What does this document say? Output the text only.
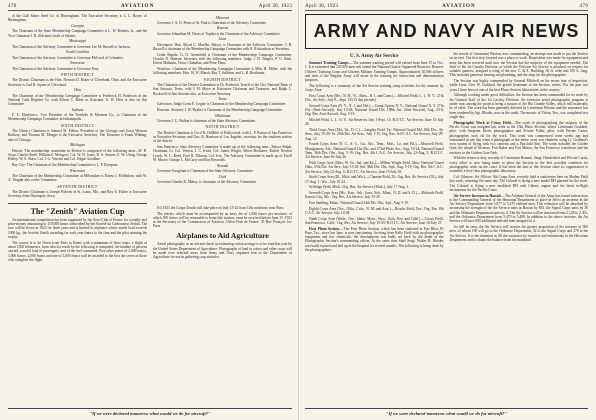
478	AVIATION	April 30, 1923

of the Gulf States Steel Co. of Birmingham. The Executive Secretary is L. L. Boyer, of Birmingham.

Georgia

The Chairman of the State Membership Campaign Committee is L. W. Roberts, Jr., and the Vice Chairman J. B. Aldchairs, both of Atlanta.

Mississippi

The Chairman of the Advisory Committee is Governor Lee M. Russell of Jackson.

South Carolina

The Chairman of the Advisory Committee is Governor McLeod of Columbia.

Tennessee

The Chairman of the Advisory Committee is Governor Peay.

FIFTH DISTRICT

The District Chairman is the Hon. Newton D. Baker of Cleveland, Ohio, and the Executive Secretary is Carl R. Squier of Cleveland.

Ohio

The Chairman of the Membership Campaign Committee is Frederick H. Patterson of the National Cash Register Co. with Edwin C. Ritter as Assistant. A. W. Hess is also on this Committee.

Indiana

F. E. Moskovics, Vice President of the Nordyke & Marmon Co., is Chairman of the Membership Campaign Committee in Indianapolis.

SIXTH DISTRICT

The District Chairman is Samuel M. Felton, President of the Chicago and Great Western Railway, and Thomas M. Monger is the Executive Secretary. The Treasurer is Frank Whiting, also of Chicago.

Michigan

Detroit: The membership committee in Detroit is composed of the following men—W. B. Stout, Charles Beall, William F. Metzgers, Col. W. H. Jones, D. S. Stearns, E. W. Uhrig, George Holley, W. S. Shaw, Col. J. G. Vincent and Col. Edgar Goodhue.

Bay City: The Chairman of the Membership Committee is L. P. Koerpner.

Wisconsin

The Chairman of the Membership Committee at Milwaukee is Ernest J. McMahon, with W. A. Vaughn also on the Committee.

SEVENTH DISTRICT

The District Chairman is Joseph Pickens of St. Louis, Mo., and Roy E. Fisher is Executive Secretary from Davenport, Iowa.

Missouri

Governor J. A. O. Preus of St. Paul is Chairman of the Advisory Committee.

Kansas

Governor Johnathan M. Davis of Topeka is the Chairman of the Advisory Committee.

Iowa

Davenport: Hon. Alfred C. Mueller, Mayor, is Chairman of the Advisory Committee. J. R. Russell is chairman of the Membership Campaign Committee with R. Richardson as Secretary.

Cedar Rapids: G. O. Greenfield is Chairman of the Membership Campaign Committee, Charles D. Hanson, Secretary with the following members: Judge J. H. Tengler, P. G. Bark, Ernest Mathuda, Victor Chimaker, and Peter Plans.

Waterloo: Chairman of the Membership Campaign Committee is Milo H. Miller, with the following members: Hon. W. W. Marsh, Ray T. Sullivan, and L. R. Brothman.

EIGHTH DISTRICT

The Chairman of the District Committee is Dr. Frederick Terrell of the City National Bank of San Antonio, Texas, with J. H. Moye as Executive Chairman and Treasurer, and Ralph L. Rockwell of San Antonio also, as Executive Secretary.

Texas

Galveston: Judge Cyrus E. Legate is Chairman of the Membership Campaign Committee.

Houston: Attorney J. W. Rayber is Chairman of the Membership Campaign Committee.

Oklahoma

Governor J. C. Walton is chairman of the State Advisory Committee.

NINTH DISTRICT

The District Chairman is Cecil B. DeMille of Hollywood, with L. P. Parton of San Francisco as Executive Secretary and Geo. B. Harrison of Los Angeles, secretary for the southern section of the district.

San Francisco: State Advisory Committee is made up of the following men—Mayor Rolph, Chairman, Lt. Col. Vernon, J. C. Irwin, Col. James Wright, Albert Moshawe, Robert Newton Lynch, W. C. Reed, Fred R. Tillman, Col. Ives. The Advisory Committee is made up of Ewell W. Moore, George L. McCarty and Roy Reynolds.

Nevada

Governor Scrugham is Chairman of the State Advisory Committee.

Utah

Governor Charles R. Mabey, is chairman of the Advisory Committee.

The "Zenith" Aviation Cup

An international competition has been organized by the Aero-Club of France for a trophy and prize-money amounting to 110,000 francs subscribed by the Société du Carburateur Zenith. The race will be flown in 1923 for three years and is limited to airplanes whose useful load exceeds 1000 kg., the Société Zenith awarding for each year francs to the firm and the pilot winning the trophy.

The course is to be flown from Paris to Rome with a minimum of three stops, a flight of about 1500 kilometers, from which a result by the following is computed: the number of persons carried, a useful load of passengers, and of the fuel consumed. Five other prizes of 3,000 francs, 3,000 francs, 2,000 francs and one of 3,000 francs will be awarded to the first the crews of those who complete the flight.

Fol 1923 the Coupe Zenith will take place on July 15-22 from Orly airdrome, near Paris.

The entries, which must be accompanied by an entry fee of 1,000 francs per machine, of which 500 francs will be returnable to bona-fide starters, must be received before June 15, 1923 at the Secretary of the Commission of Aviation, l'Aéro-Club de France, 35 Rue François 1er, Paris.

Airplanes to Aid Agriculture

Aerial photography as an aid and check in estimating cotton acreage is to be tried this year by the United States Department of Agriculture. Photographs of land in cotton and other crops will be made over selected areas from Army and Navy airplanes lent to the Department of Agriculture for use in gathering crop statistics.

"If we were declared tomorrow what would we do for aircraft?"
April 30, 1923	AVIATION	479
ARMY AND NAVY AIR NEWS
U. S. Army Air Service

Summer Training Camps.—The summer training period will extend from June 15 to Oct. 1. It is estimated that 225,000 men will attend the National Guard, Organized Reserves, Reserve Officers' Training Corps and Citizens Military Training Camps. Approximately 30,000 officers and men of the Regular Army will assist in the training for instruction and demonstration purposes.

The following is a summary of the Air Service training camp activities for the summer by Corps Area:

First Corps Area (Me., N. H., Vt., Mass., R. I. and Conn.).—Mitchel Field, L. I., N. Y.: 27th Div., Air Serv., July 8—Sept. 18 (15 day periods).

Second Corps Area (N. Y., N. J. and Del.).—Camp Upton, N. Y.: National Guard N. Y. 27th Div. (Anti-Aircraft), July 14-28; National Guard Del. 198th Art. (Anti-Aircraft), Aug. 4-18; Org. Res. Anti-Aircraft, Aug. 5-19.

Mitchel Field, L. I., N. Y.: Air Reserves July 1-Sept. 15; R.O.T.C. Air Service, June 15-July 26.

Third Corps Area (Md., Va., D. C.).—Langley Field, Va.: National Guard Md. 29th Div., Air Serv., July 15-29; Va. 29th Div. Air Serv., July 1-15; Org. Res. 3rd C.A.C. Air Service, July 29-Aug. 12.

Fourth Corps Area (N. C., S. C., Ga., Ala., Tenn., Miss., La. and Fla.).—Maxwell Field, Montgomery, Ala.: National Guard 31st Div. and 173rd Photo Sec., Aug. 10-24; National Guard Tenn. 30th Div. Obs., Aug. 5-19; Org. Res. 4th C.A.C. Air Service, July 22-Aug. 5; R.O.T.C. Air Service, June 16-July 26.

Fifth Corps Area (Ohio, W. Va., Ind. and Ky.).—Wilbur Wright Field, Ohio: National Guard Ohio, 37th Div. Air Serv., July 15-29; Ind. 38th Div. Obs. Sqd., Aug. 5-19; Org. Res. 5th C.A.C. Air Service, July 22-Aug. 5; R.O.T.C. Air Service, June 15-July 26.

Sixth Corps Area (Ill., Mich. and Wis.).—Chanute Field, Ill.: Org. Res. Air Service (Ill.), July 17-Aug. 1; Wis., July 10-24.

Selfridge Field, Mich.: Org. Res. Air Service (Mich.), July 17-Aug. 1.

Seventh Corps Area (Mo., Kan., Ark., Iowa, Neb., Minn., N. D. and S. D.).—Richards Field, Kansas City, Mo.: Org. Res. Air Service, July 15-29.

Fort Snelling, Minn.: National Guard 34th Div. Obs. Sqd., Aug. 5-19.

Eighth Corps Area (Tex., Okla., Colo., N. M. and Ariz.).—Brooks Field, Tex.: Org. Res. 8th C.A.C. Air Service, July 14-28.

Ninth Corps Area (Wash., Ore., Idaho, Mont., Wyo., Utah, Nev. and Calif.).—Crissy Field, San Francisco, Calif.: Org. Res. Air Service, July 15-29; R.O.T.C. Air Service, June 16-July 27.

First Photo Section.—The First Photo Section, which has been stationed at Fort Bliss, El Paso, Tex., since last June, is now functioning. Arriving from Kelly Field with no photographic equipment and few chemicals, the development was badly set back by the death of the Photographic Section's commanding officer. At the same time Staff Sergt. Walter H. Rhodes was badly injured and laid up in the hospital for several months. The following is being done by the photographers:

the arrival of Lieutenant Weston, now commanding, an attempt was made to put the Section on its feet. The first step forward was a place to work. Requisition was made for equipment and none has been received until now the Section has the majority of the equipment needed. The Staff of the 1st Cavalry Division, to which the Division Air Service is attached, on request for suitable quarters, assigned a wing of the new C. & E. Building, 30 ft. wide and 100 ft. long. This included generous heating and plumbing, and the shop for the photographer.

The Section was highly commended by General Mitchell on his recent tour of inspection, while Lieut. Gen. W. Goddard, the grader lieutenant of the Section, writes: 'For the past two years I have been at one of the best Photo Section laboratories in the country.'

Although working under great difficulties, the Section has been commended for its work by the General Staff of the 1st Cavalry Division. An extensive aerial photographic program is under way, among the projects being a mosaic of the Rio Grande Valley, which will materially be of value. The work has been generally directed by Lieutenant Weston, and the assistance has been rendered by Sgt. Rhodes, now in the south. The mosaic of Ysleta, Tex., was completed in a single day.

Photographic Work at Crissy Field.—The work of photographing the seaports of the Pacific Coast was assigned last week to the 15th Photo Section, where Lieutenant Goddard, pilot, with Sergeant Klein, photographer, and Private Fuller, pilot, with Private Carter, photographer, took off for the work. This work was commenced some weeks ago and terminated in one day when a photograph of the entire coast was obtained, using Lt. Goddard's own system of flying with two cameras and a Fairchild film. The work included the Golden Gate, the island of Alcatraz, Fort Baker and Fort Mason, the San Francisco waterfront and the territory to the Golden Gate Park.

With the return to duty recently of Lieutenant Bennett, Sergt. Hendershot and Private Curtis, every effort is now being made to place the Section in the best possible condition for photographic work on the coast. It has been the aim of this Section since its organization to assemble a first-class photographic laboratory.

Col. Gilmore, Air Officer, 9th Corps Area, recently held a conference here on Mather Field last week, returning the same day. The Colonel is flying a new model DH planned for the work. The Colonel is flying a new modified DH with Liberty engine and the latest in-flight instruments for the Pacific Coast.

Air Service Increase in Hawaii.—The Adjutant General of the Army has issued instructions to the Commanding General of the Hawaiian Department to place in effect an increase in the Air Service Department from 5,077 to 5,279 enlisted men. This reduction will be absorbed by increasing the strength of the Air Service units in Hawaii by 892, the Signal Corps units by 36 and the Ordnance Department units by 4. The Air Service will be increased from 2,128 to 2,302, and the Ordnance Department from 5,479 to 5,489. In addition to the above increase, the Air Service will have 800 additional enlisted men assigned to it.

As will be seen, the Air Service will receive the greater proportion of the increase of 500 men, of whom 190 will go to the Ordnance Department, 32 to the Signal Corps and 278 to the Air Service. It is the intention to fill the vacancies by transfers and enlistments in the Hawaiian Department and to obtain the balance from the mainland.

"If we were declared tomorrow what would we do for aircraft?"
